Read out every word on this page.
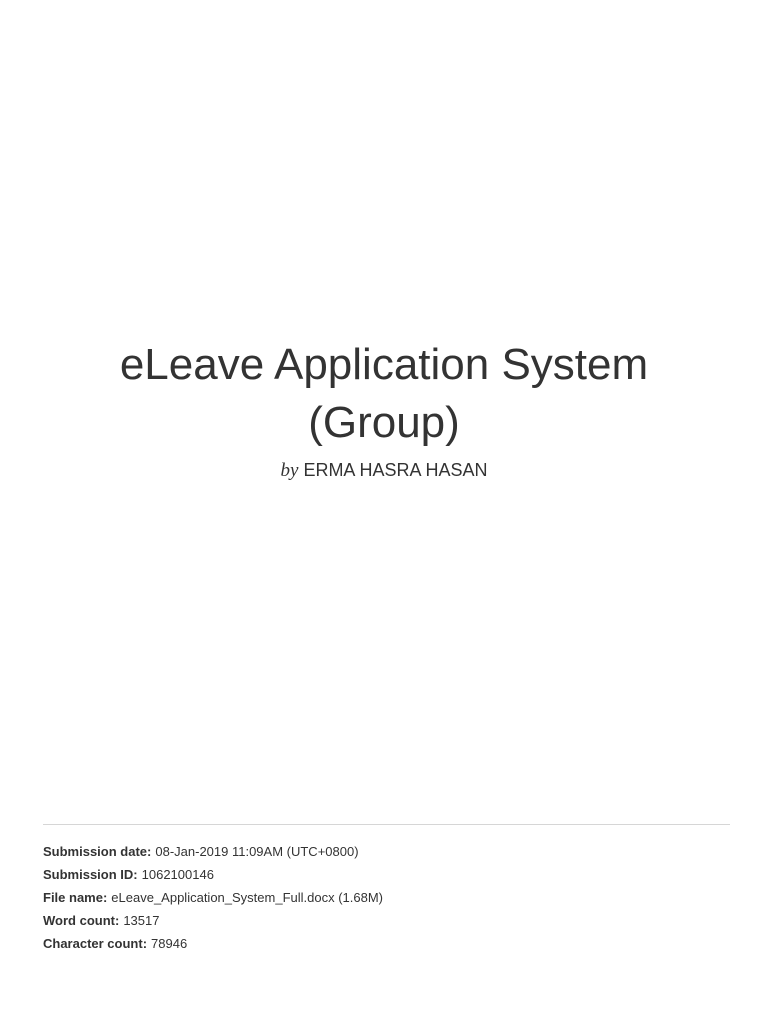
eLeave Application System
(Group)
by ERMA HASRA HASAN
Submission date: 08-Jan-2019 11:09AM (UTC+0800)
Submission ID: 1062100146
File name: eLeave_Application_System_Full.docx (1.68M)
Word count: 13517
Character count: 78946
